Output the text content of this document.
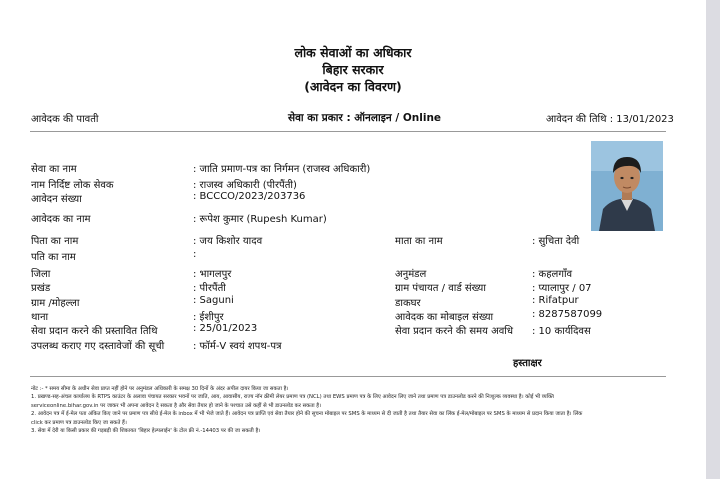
लोक सेवाओं का अधिकार
बिहार सरकार
(आवेदन का विवरण)
आवेदक की पावती	सेवा का प्रकार : ऑनलाइन / Online	आवेदन की तिथि : 13/01/2023
सेवा का नाम	: जाति प्रमाण-पत्र का निर्गमन (राजस्व अधिकारी)
नाम निर्दिष्ट लोक सेवक	: राजस्व अधिकारी (पीरपैंती)
आवेदन संख्या	: BCCCO/2023/203736
आवेदक का नाम	: रूपेश कुमार (Rupesh Kumar)
पिता का नाम	: जय किशोर यादव
पति का नाम	:
जिला	: भागलपुर
प्रखंड	: पीरपैंती
ग्राम /मोहल्ला	: Saguni
थाना	: ईशीपुर
सेवा प्रदान करने की प्रस्तावित तिथि	: 25/01/2023
उपलब्ध कराए गए दस्तावेजों की सूची	: फॉर्म-V स्वयं शपथ-पत्र
माता का नाम	: सुचिता देवी
अनुमंडल	: कहलगाँव
ग्राम पंचायत / वार्ड संख्या	: प्यालापुर / 07
डाकघर	: Rifatpur
आवेदक का मोबाइल संख्या	: 8287587099
सेवा प्रदान करने की समय अवधि : 10 कार्यदिवस
हस्ताक्षर
नोट :- * समय सीमा के अधीन सेवा प्राप्त नहीं होने पर अनुमंडल अधिकारी के समक्ष 30 दिनों के अंदर अपील दायर किया जा सकता है।
1. प्रखण्ड-सह-अंचल कार्यालय के RTPS काउंटर के अलावा पंचायत सरकार भवनों पर जाति, आय, आवासीय, राज्य नॉन क्रीमी लेयर प्रमाण पत्र (NCL) तथा EWS प्रमाण पत्र के लिए आवेदन लिए जाने तथा प्रमाण पत्र डाउनलोड करने की निःशुल्क व्यवस्था है। कोई भी व्यक्ति
serviceonline.bihar.gov.in पर जाकर भी अपना आवेदन दे सकता है और सेवा तैयार हो जाने के पश्चात उसे कहीं से भी डाउनलोड कर सकता है।
2. आवेदन पत्र में ई-मेल पता अंकित किए जाने पर प्रमाण पत्र सीधे ई-मेल के inbox में भी भेजे जाते हैं। आवेदन पत्र प्राप्ति एवं सेवा तैयार होने की सूचना मोबाइल पर SMS के माध्यम से दी जाती है तथा तैयार सेवा का लिंक ई-मेल/मोबाइल पर SMS के माध्यम से प्रदान किया जाता है। लिंक
click कर प्रमाण पत्र डाउनलोड किए जा सकते हैं।
3. सेवा में देरी या किसी प्रकार की गड़बड़ी की शिकायत 'बिहार हेल्पलाईन' के टोल फ्री नं.-14403 पर की जा सकती है।
